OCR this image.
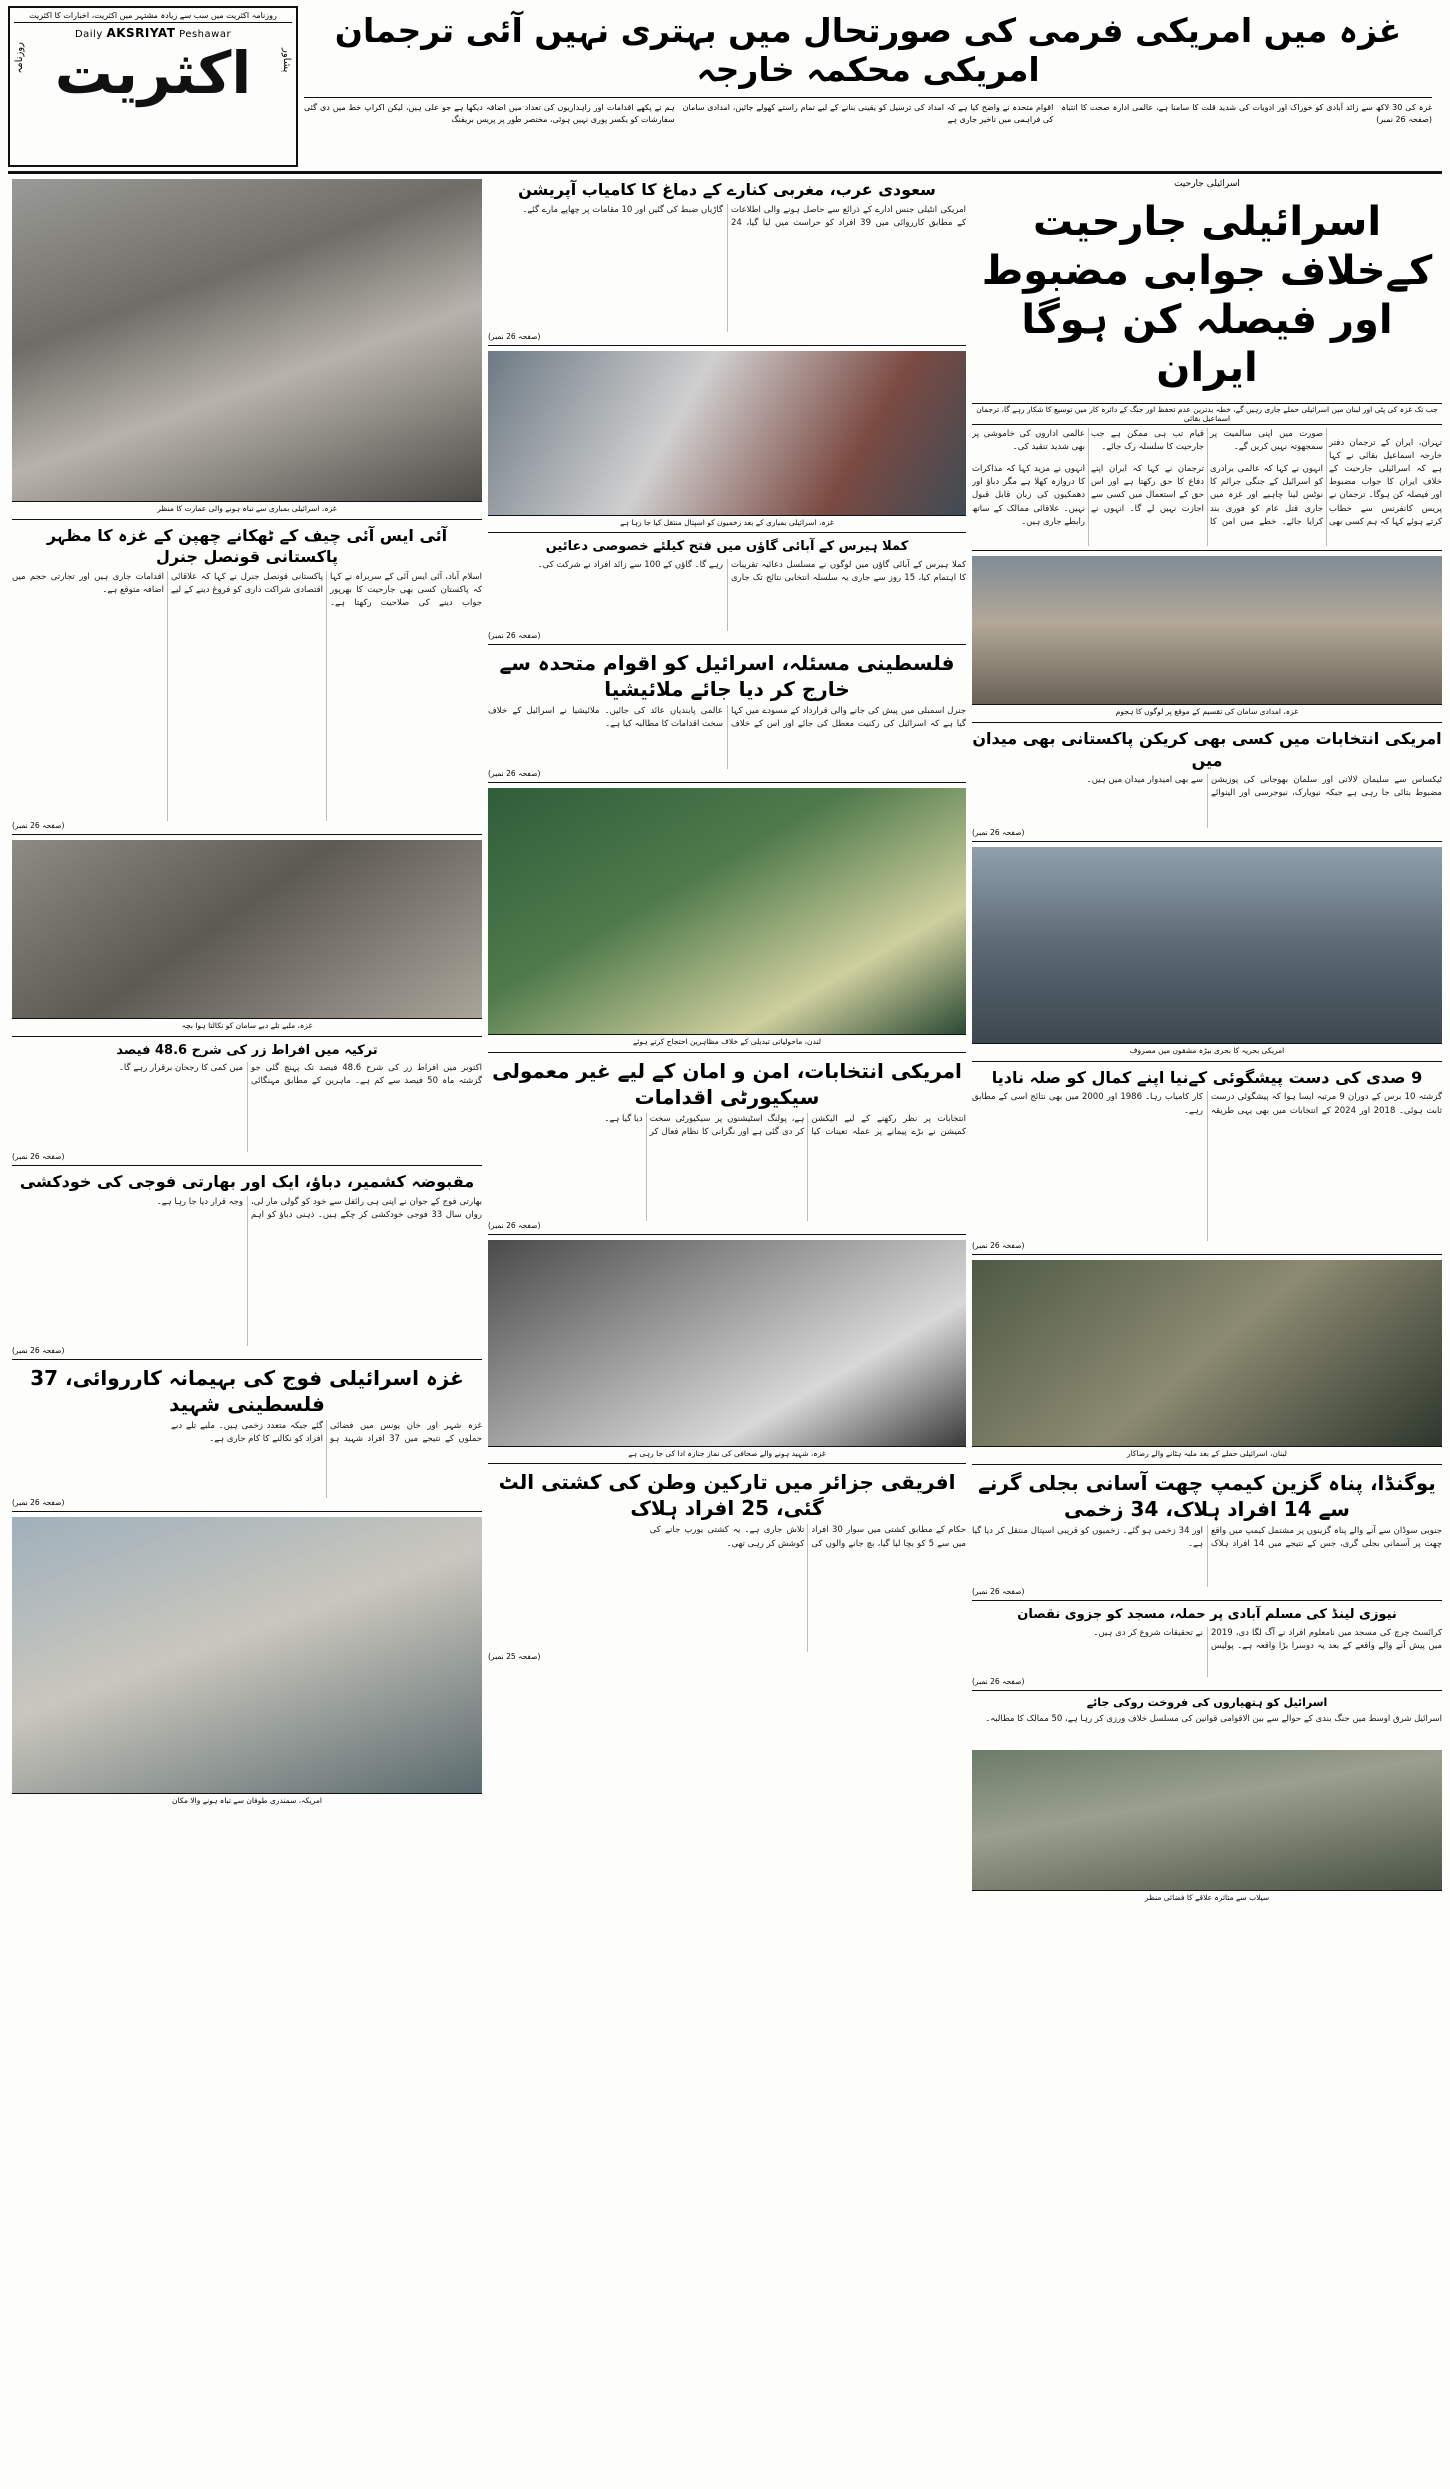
روزنامہ اکثریت میں سب سے زیادہ مشتہر میں اکثریت، اخبارات کا اکثریت
Daily AKSRIYAT Peshawar
روزنامہ اکثریت	پشاور
غزہ میں امریکی فرمی کی صورتحال میں بہتری نہیں آئی ترجمان امریکی محکمہ خارجہ
ہم نے پکھے اقدامات اور راہداریوں کی تعداد میں اضافہ دیکھا ہے جو علی ہیں، لیکن اکراپ خط میں دی گئی سفارشات کو یکسر پوری نہیں ہوئی، مختصر طور پر پریس بریفنگ
اقوام متحدہ نے واضح کیا ہے کہ امداد کی ترسیل کو یقینی بنانے کے لیے تمام راستے کھولے جائیں، امدادی سامان کی فراہمی میں تاخیر جاری ہے
غزہ کی 30 لاکھ سے زائد آبادی کو خوراک اور ادویات کی شدید قلت کا سامنا ہے، عالمی ادارہ صحت کا انتباہ (صفحہ 26 نمبر)
اسرائیلی جارحیت
اسرائیلی جارحیت کےخلاف جوابی مضبوط اور فیصلہ کن ہوگا ایران
جب تک غزہ کی پٹی اور لبنان میں اسرائیلی حملے جاری رہیں گے، خطہ بدترین عدم تحفظ اور جنگ کے دائرہ کار میں توسیع کا شکار رہے گا، ترجمان اسماعیل بقائی

تہران، ایران کے ترجمان دفتر خارجہ اسماعیل بقائی نے کہا ہے کہ اسرائیلی جارحیت کے خلاف ایران کا جواب مضبوط اور فیصلہ کن ہوگا۔ ترجمان نے پریس کانفرنس سے خطاب کرتے ہوئے کہا کہ ہم کسی بھی صورت میں اپنی سالمیت پر سمجھوتہ نہیں کریں گے۔

انہوں نے کہا کہ عالمی برادری کو اسرائیل کے جنگی جرائم کا نوٹس لینا چاہیے اور غزہ میں جاری قتل عام کو فوری بند کرایا جائے۔ خطے میں امن کا قیام تب ہی ممکن ہے جب جارحیت کا سلسلہ رک جائے۔

ترجمان نے کہا کہ ایران اپنے دفاع کا حق رکھتا ہے اور اس حق کے استعمال میں کسی سے اجازت نہیں لے گا۔ انہوں نے عالمی اداروں کی خاموشی پر بھی شدید تنقید کی۔

انہوں نے مزید کہا کہ مذاکرات کا دروازہ کھلا ہے مگر دباؤ اور دھمکیوں کی زبان قابل قبول نہیں۔ علاقائی ممالک کے ساتھ رابطے جاری ہیں۔

غزہ، امدادی سامان کی تقسیم کے موقع پر لوگوں کا ہجوم
امریکی انتخابات میں کسی بھی کریکن پاکستانی بھی میدان میں
ٹیکساس سے سلیمان لالانی اور سلمان بھوجانی کی پوزیشن مضبوط بتائی جا رہی ہے جبکہ نیویارک، نیوجرسی اور الینوائے سے بھی امیدوار میدان میں ہیں۔
(صفحہ 26 نمبر)
امریکی بحریہ کا بحری بیڑہ مشقوں میں مصروف
9 صدی کی دست پیشگوئی کےنیا اپنے کمال کو صلہ نادیا
گزشتہ 10 برس کے دوران 9 مرتبہ ایسا ہوا کہ پیشگوئی درست ثابت ہوئی۔ 2018 اور 2024 کے انتخابات میں بھی یہی طریقہ کار کامیاب رہا۔ 1986 اور 2000 میں بھی نتائج اسی کے مطابق رہے۔
(صفحہ 26 نمبر)
لبنان، اسرائیلی حملے کے بعد ملبہ ہٹانے والے رضاکار
یوگنڈا، پناہ گزین کیمپ چھت آسانی بجلی گرنے سے 14 افراد ہلاک، 34 زخمی
جنوبی سوڈان سے آنے والے پناہ گزینوں پر مشتمل کیمپ میں واقع چھت پر آسمانی بجلی گری، جس کے نتیجے میں 14 افراد ہلاک اور 34 زخمی ہو گئے۔ زخمیوں کو قریبی اسپتال منتقل کر دیا گیا ہے۔
(صفحہ 26 نمبر)
نیوزی لینڈ کی مسلم آبادی پر حملہ، مسجد کو جزوی نقصان
کرائسٹ چرچ کی مسجد میں نامعلوم افراد نے آگ لگا دی، 2019 میں پیش آنے والے واقعے کے بعد یہ دوسرا بڑا واقعہ ہے۔ پولیس نے تحقیقات شروع کر دی ہیں۔
(صفحہ 26 نمبر)
اسرائیل کو ہتھیاروں کی فروخت روکی جائے
اسرائیل شرق اوسط میں جنگ بندی کے حوالے سے بین الاقوامی قوانین کی مسلسل خلاف ورزی کر رہا ہے، 50 ممالک کا مطالبہ۔
سیلاب سے متاثرہ علاقے کا فضائی منظر
سعودی عرب، مغربی کنارے کے دماغ کا کامیاب آپریشن
امریکی انٹیلی جنس ادارے کے ذرائع سے حاصل ہونے والی اطلاعات کے مطابق کارروائی میں 39 افراد کو حراست میں لیا گیا، 24 گاڑیاں ضبط کی گئیں اور 10 مقامات پر چھاپے مارے گئے۔
(صفحہ 26 نمبر)
غزہ، اسرائیلی بمباری کے بعد زخمیوں کو اسپتال منتقل کیا جا رہا ہے
کملا ہیرس کے آبائی گاؤں میں فتح کیلئے خصوصی دعائیں
کملا ہیرس کے آبائی گاؤں میں لوگوں نے مسلسل دعائیہ تقریبات کا اہتمام کیا، 15 روز سے جاری یہ سلسلہ انتخابی نتائج تک جاری رہے گا۔ گاؤں کے 100 سے زائد افراد نے شرکت کی۔
(صفحہ 26 نمبر)
فلسطینی مسئلہ، اسرائیل کو اقوام متحدہ سے خارج کر دیا جائے ملائیشیا
جنرل اسمبلی میں پیش کی جانے والی قرارداد کے مسودے میں کہا گیا ہے کہ اسرائیل کی رکنیت معطل کی جائے اور اس کے خلاف عالمی پابندیاں عائد کی جائیں۔ ملائیشیا نے اسرائیل کے خلاف سخت اقدامات کا مطالبہ کیا ہے۔
(صفحہ 26 نمبر)
لندن، ماحولیاتی تبدیلی کے خلاف مظاہرین احتجاج کرتے ہوئے
امریکی انتخابات، امن و امان کے لیے غیر معمولی سیکیورٹی اقدامات
انتخابات پر نظر رکھنے کے لیے الیکشن کمیشن نے بڑے پیمانے پر عملہ تعینات کیا ہے، پولنگ اسٹیشنوں پر سیکیورٹی سخت کر دی گئی ہے اور نگرانی کا نظام فعال کر دیا گیا ہے۔
(صفحہ 26 نمبر)
غزہ، شہید ہونے والے صحافی کی نماز جنازہ ادا کی جا رہی ہے
افریقی جزائر میں تارکین وطن کی کشتی الٹ گئی، 25 افراد ہلاک
حکام کے مطابق کشتی میں سوار 30 افراد میں سے 5 کو بچا لیا گیا، بچ جانے والوں کی تلاش جاری ہے۔ یہ کشتی یورپ جانے کی کوشش کر رہی تھی۔
(صفحہ 25 نمبر)
غزہ، اسرائیلی بمباری سے تباہ ہونے والی عمارت کا منظر
آئی ایس آئی چیف کے ٹھکانے چھپن کے غزہ کا مظہر پاکستانی قونصل جنرل
اسلام آباد، آئی ایس آئی کے سربراہ نے کہا کہ پاکستان کسی بھی جارحیت کا بھرپور جواب دینے کی صلاحیت رکھتا ہے۔ پاکستانی قونصل جنرل نے کہا کہ علاقائی اقتصادی شراکت داری کو فروغ دینے کے لیے اقدامات جاری ہیں اور تجارتی حجم میں اضافہ متوقع ہے۔
(صفحہ 26 نمبر)
غزہ، ملبے تلے دبے سامان کو نکالتا ہوا بچہ
ترکیہ میں افراط زر کی شرح 48.6 فیصد
اکتوبر میں افراط زر کی شرح 48.6 فیصد تک پہنچ گئی جو گزشتہ ماہ 50 فیصد سے کم ہے۔ ماہرین کے مطابق مہنگائی میں کمی کا رجحان برقرار رہے گا۔
(صفحہ 26 نمبر)
مقبوضہ کشمیر، دباؤ، ایک اور بھارتی فوجی کی خودکشی
بھارتی فوج کے جوان نے اپنی ہی رائفل سے خود کو گولی مار لی، رواں سال 33 فوجی خودکشی کر چکے ہیں۔ ذہنی دباؤ کو اہم وجہ قرار دیا جا رہا ہے۔
(صفحہ 26 نمبر)
غزہ اسرائیلی فوج کی بہیمانہ کارروائی، 37 فلسطینی شہید
غزہ شہر اور خان یونس میں فضائی حملوں کے نتیجے میں 37 افراد شہید ہو گئے جبکہ متعدد زخمی ہیں۔ ملبے تلے دبے افراد کو نکالنے کا کام جاری ہے۔
(صفحہ 26 نمبر)
امریکہ، سمندری طوفان سے تباہ ہونے والا مکان
